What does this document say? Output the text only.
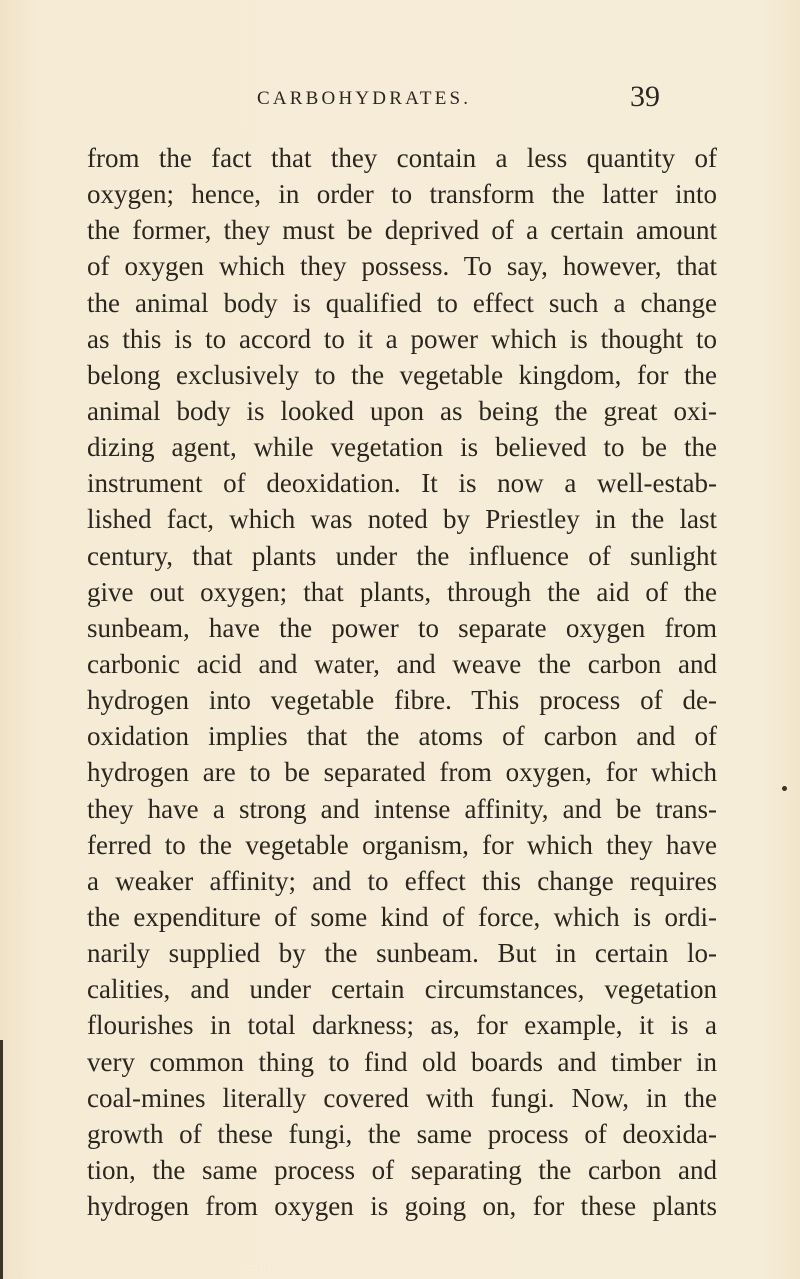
CARBOHYDRATES.	39
from the fact that they contain a less quantity of
oxygen; hence, in order to transform the latter into
the former, they must be deprived of a certain amount
of oxygen which they possess. To say, however, that
the animal body is qualified to effect such a change
as this is to accord to it a power which is thought to
belong exclusively to the vegetable kingdom, for the
animal body is looked upon as being the great oxi-
dizing agent, while vegetation is believed to be the
instrument of deoxidation. It is now a well-estab-
lished fact, which was noted by Priestley in the last
century, that plants under the influence of sunlight
give out oxygen; that plants, through the aid of the
sunbeam, have the power to separate oxygen from
carbonic acid and water, and weave the carbon and
hydrogen into vegetable fibre. This process of de-
oxidation implies that the atoms of carbon and of
hydrogen are to be separated from oxygen, for which
they have a strong and intense affinity, and be trans-
ferred to the vegetable organism, for which they have
a weaker affinity; and to effect this change requires
the expenditure of some kind of force, which is ordi-
narily supplied by the sunbeam. But in certain lo-
calities, and under certain circumstances, vegetation
flourishes in total darkness; as, for example, it is a
very common thing to find old boards and timber in
coal-mines literally covered with fungi. Now, in the
growth of these fungi, the same process of deoxida-
tion, the same process of separating the carbon and
hydrogen from oxygen is going on, for these plants
